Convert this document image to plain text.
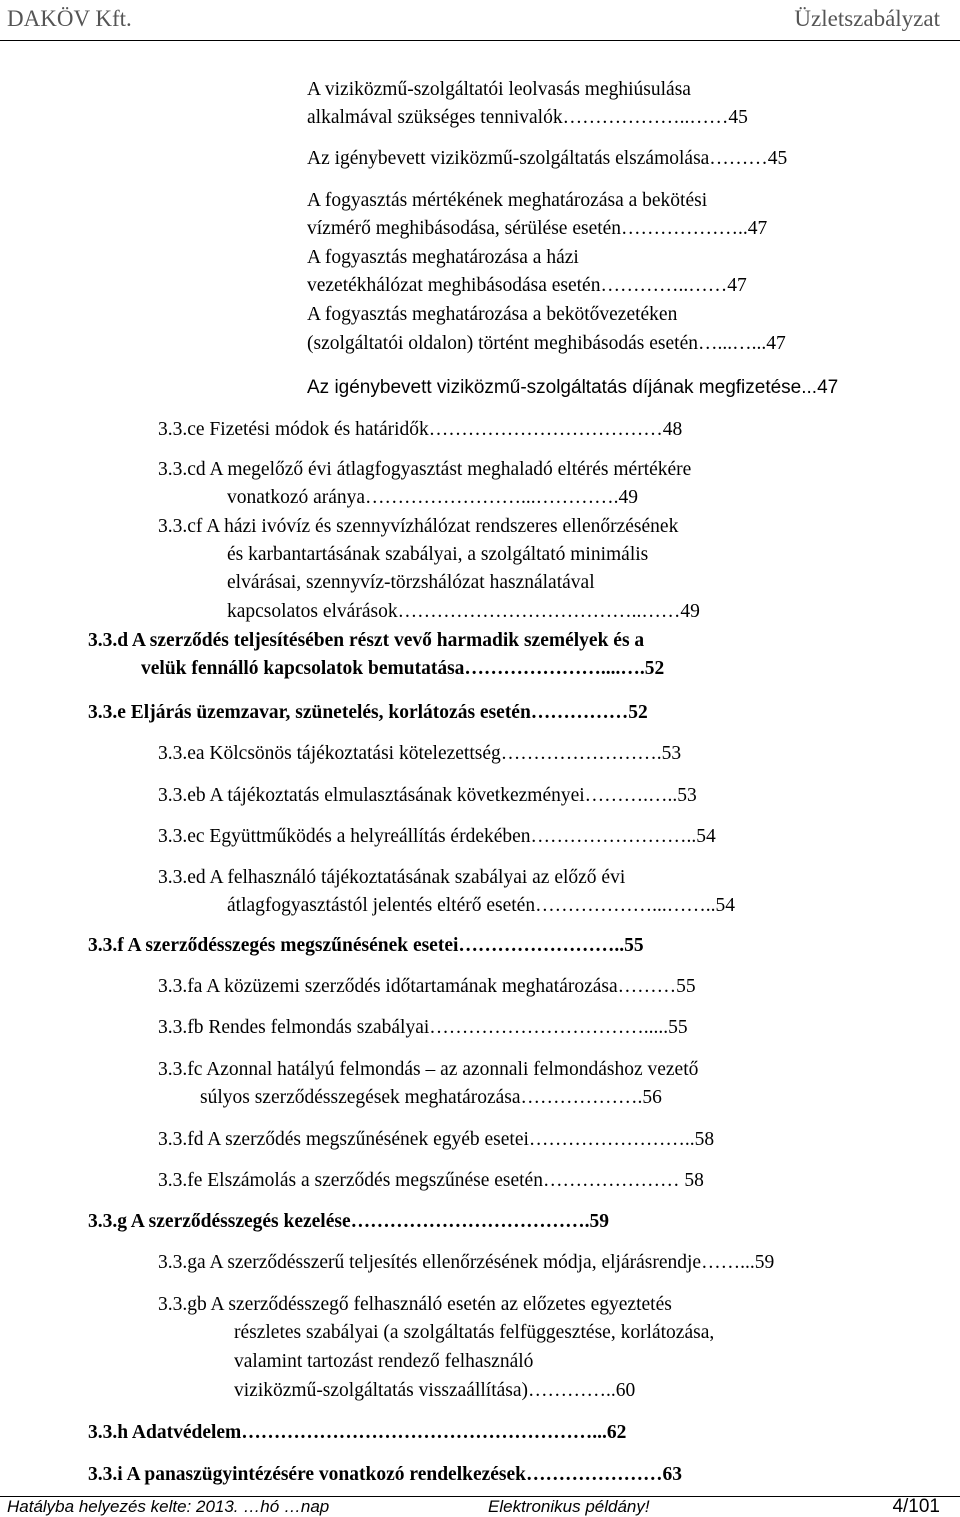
DAKÖV Kft.	Üzletszabályzat
A viziközmű-szolgáltatói leolvasás meghiúsulása
alkalmával szükséges tennivalók………………..……45
Az igénybevett viziközmű-szolgáltatás elszámolása………45
A fogyasztás mértékének meghatározása a bekötési
vízmérő meghibásodása, sérülése esetén………………..47
A fogyasztás meghatározása a házi
vezetékhálózat meghibásodása esetén…………..……47
A fogyasztás meghatározása a bekötővezetéken
(szolgáltatói oldalon) történt meghibásodás esetén…...…...47
Az igénybevett viziközmű-szolgáltatás díjának megfizetése...47
3.3.ce Fizetési módok és határidők………………………………48
3.3.cd A megelőző évi átlagfogyasztást meghaladó eltérés mértékére
vonatkozó aránya……………………...………….49
3.3.cf A házi ivóvíz és szennyvízhálózat rendszeres ellenőrzésének
és karbantartásának szabályai, a szolgáltató minimális
elvárásai, szennyvíz-törzshálózat használatával
kapcsolatos elvárások………………………………..……49
3.3.d A szerződés teljesítésében részt vevő harmadik személyek és a
velük fennálló kapcsolatok bemutatása…………………....….52
3.3.e Eljárás üzemzavar, szünetelés, korlátozás esetén……………52
3.3.ea Kölcsönös tájékoztatási kötelezettség…………………….53
3.3.eb A tájékoztatás elmulasztásának következményei……….…..53
3.3.ec Együttműködés a helyreállítás érdekében……………………..54
3.3.ed A felhasználó tájékoztatásának szabályai az előző évi
átlagfogyasztástól jelentés eltérő esetén………………...……..54
3.3.f A szerződésszegés megszűnésének esetei……………………..55
3.3.fa A közüzemi szerződés időtartamának meghatározása………55
3.3.fb Rendes felmondás szabályai…………………………….....55
3.3.fc Azonnal hatályú felmondás – az azonnali felmondáshoz vezető
súlyos szerződésszegések meghatározása……………….56
3.3.fd A szerződés megszűnésének egyéb esetei……………………..58
3.3.fe Elszámolás a szerződés megszűnése esetén………………… 58
3.3.g A szerződésszegés kezelése……………………………….59
3.3.ga A szerződésszerű teljesítés ellenőrzésének módja, eljárásrendje……...59
3.3.gb A szerződésszegő felhasználó esetén az előzetes egyeztetés
részletes szabályai (a szolgáltatás felfüggesztése, korlátozása,
valamint tartozást rendező felhasználó
viziközmű-szolgáltatás visszaállítása)…………..60
3.3.h Adatvédelem………………………………………………...62
3.3.i A panaszügyintézésére vonatkozó rendelkezések…………………63
Hatályba helyezés kelte: 2013. …hó …nap	Elektronikus példány!	4/101
